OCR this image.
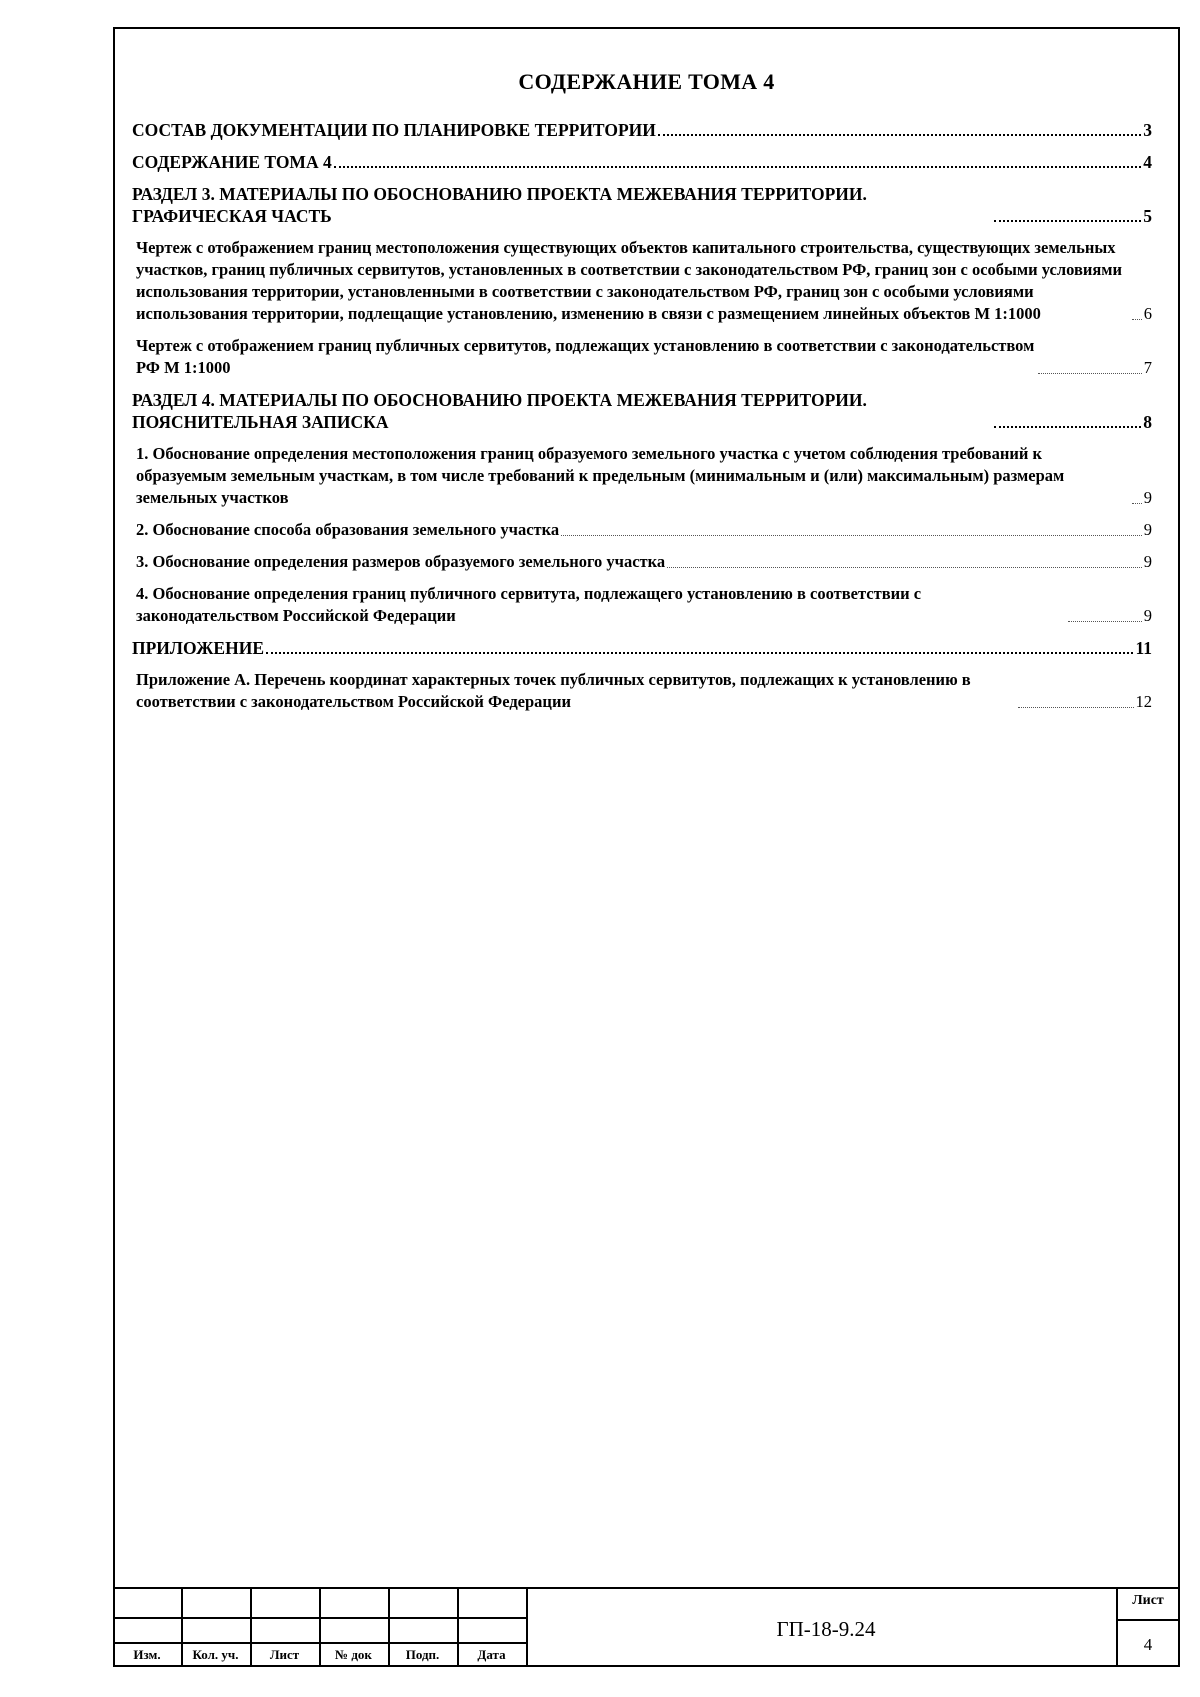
СОДЕРЖАНИЕ ТОМА 4
СОСТАВ ДОКУМЕНТАЦИИ ПО ПЛАНИРОВКЕ ТЕРРИТОРИИ	3
СОДЕРЖАНИЕ ТОМА 4	4
РАЗДЕЛ 3. МАТЕРИАЛЫ ПО ОБОСНОВАНИЮ ПРОЕКТА МЕЖЕВАНИЯ ТЕРРИТОРИИ. ГРАФИЧЕСКАЯ ЧАСТЬ	5
Чертеж с отображением границ местоположения существующих объектов капитального строительства, существующих земельных участков, границ публичных сервитутов, установленных в соответствии с законодательством РФ, границ зон с особыми условиями использования территории, установленными в соответствии с законодательством РФ, границ зон с особыми условиями использования территории, подлещащие установлению, изменению в связи с размещением линейных объектов М 1:1000	6
Чертеж с отображением границ публичных сервитутов, подлежащих установлению в соответствии с законодательством РФ М 1:1000	7
РАЗДЕЛ 4. МАТЕРИАЛЫ ПО ОБОСНОВАНИЮ ПРОЕКТА МЕЖЕВАНИЯ ТЕРРИТОРИИ. ПОЯСНИТЕЛЬНАЯ ЗАПИСКА	8
1. Обоснование определения местоположения границ образуемого земельного участка с учетом соблюдения требований к образуемым земельным участкам, в том числе требований к предельным (минимальным и (или) максимальным) размерам земельных участков	9
2. Обоснование способа образования земельного участка	9
3. Обоснование определения размеров образуемого земельного участка	9
4. Обоснование определения границ публичного сервитута, подлежащего установлению в соответствии с законодательством Российской Федерации	9
ПРИЛОЖЕНИЕ	11
Приложение А. Перечень координат характерных точек публичных сервитутов, подлежащих к установлению в соответствии с законодательством Российской Федерации	12
Изм.	Кол. уч.	Лист	№ док	Подп.	Дата
ГП-18-9.24
Лист
4
